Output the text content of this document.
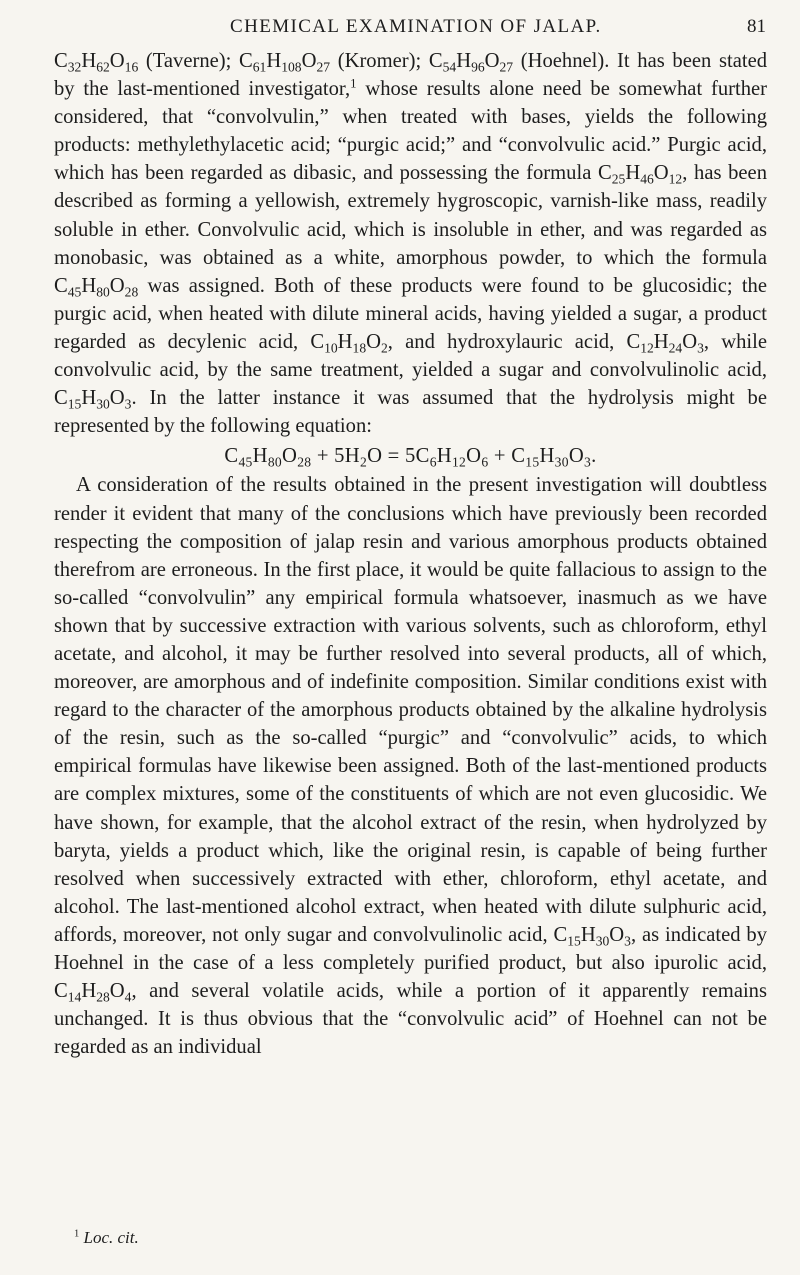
CHEMICAL EXAMINATION OF JALAP.	81

$C_{32}H_{62}O_{16}$ (Taverne); $C_{61}H_{108}O_{27}$ (Kromer); $C_{54}H_{96}O_{27}$ (Hoehnel). It has been stated by the last-mentioned investigator,$^1$ whose results alone need be somewhat further considered, that “convolvulin,” when treated with bases, yields the following products: methylethylacetic acid; “purgic acid;” and “convolvulic acid.” Purgic acid, which has been regarded as dibasic, and possessing the formula $C_{25}H_{46}O_{12}$, has been described as forming a yellowish, extremely hygroscopic, varnish-like mass, readily soluble in ether. Convolvulic acid, which is insoluble in ether, and was regarded as monobasic, was obtained as a white, amorphous powder, to which the formula $C_{45}H_{80}O_{28}$ was assigned. Both of these products were found to be glucosidic; the purgic acid, when heated with dilute mineral acids, having yielded a sugar, a product regarded as decylenic acid, $C_{10}H_{18}O_2$, and hydroxylauric acid, $C_{12}H_{24}O_3$, while convolvulic acid, by the same treatment, yielded a sugar and convolvulinolic acid, $C_{15}H_{30}O_3$. In the latter instance it was assumed that the hydrolysis might be represented by the following equation:

$C_{45}H_{80}O_{28} + 5H_2O = 5C_6H_{12}O_6 + C_{15}H_{30}O_3$.

A consideration of the results obtained in the present investigation will doubtless render it evident that many of the conclusions which have previously been recorded respecting the composition of jalap resin and various amorphous products obtained therefrom are erroneous. In the first place, it would be quite fallacious to assign to the so-called “convolvulin” any empirical formula whatsoever, inasmuch as we have shown that by successive extraction with various solvents, such as chloroform, ethyl acetate, and alcohol, it may be further resolved into several products, all of which, moreover, are amorphous and of indefinite composition. Similar conditions exist with regard to the character of the amorphous products obtained by the alkaline hydrolysis of the resin, such as the so-called “purgic” and “convolvulic” acids, to which empirical formulas have likewise been assigned. Both of the last-mentioned products are complex mixtures, some of the constituents of which are not even glucosidic. We have shown, for example, that the alcohol extract of the resin, when hydrolyzed by baryta, yields a product which, like the original resin, is capable of being further resolved when successively extracted with ether, chloroform, ethyl acetate, and alcohol. The last-mentioned alcohol extract, when heated with dilute sulphuric acid, affords, moreover, not only sugar and convolvulinolic acid, $C_{15}H_{30}O_3$, as indicated by Hoehnel in the case of a less completely purified product, but also ipurolic acid, $C_{14}H_{28}O_4$, and several volatile acids, while a portion of it apparently remains unchanged. It is thus obvious that the “convolvulic acid” of Hoehnel can not be regarded as an individual

$^1$ Loc. cit.
